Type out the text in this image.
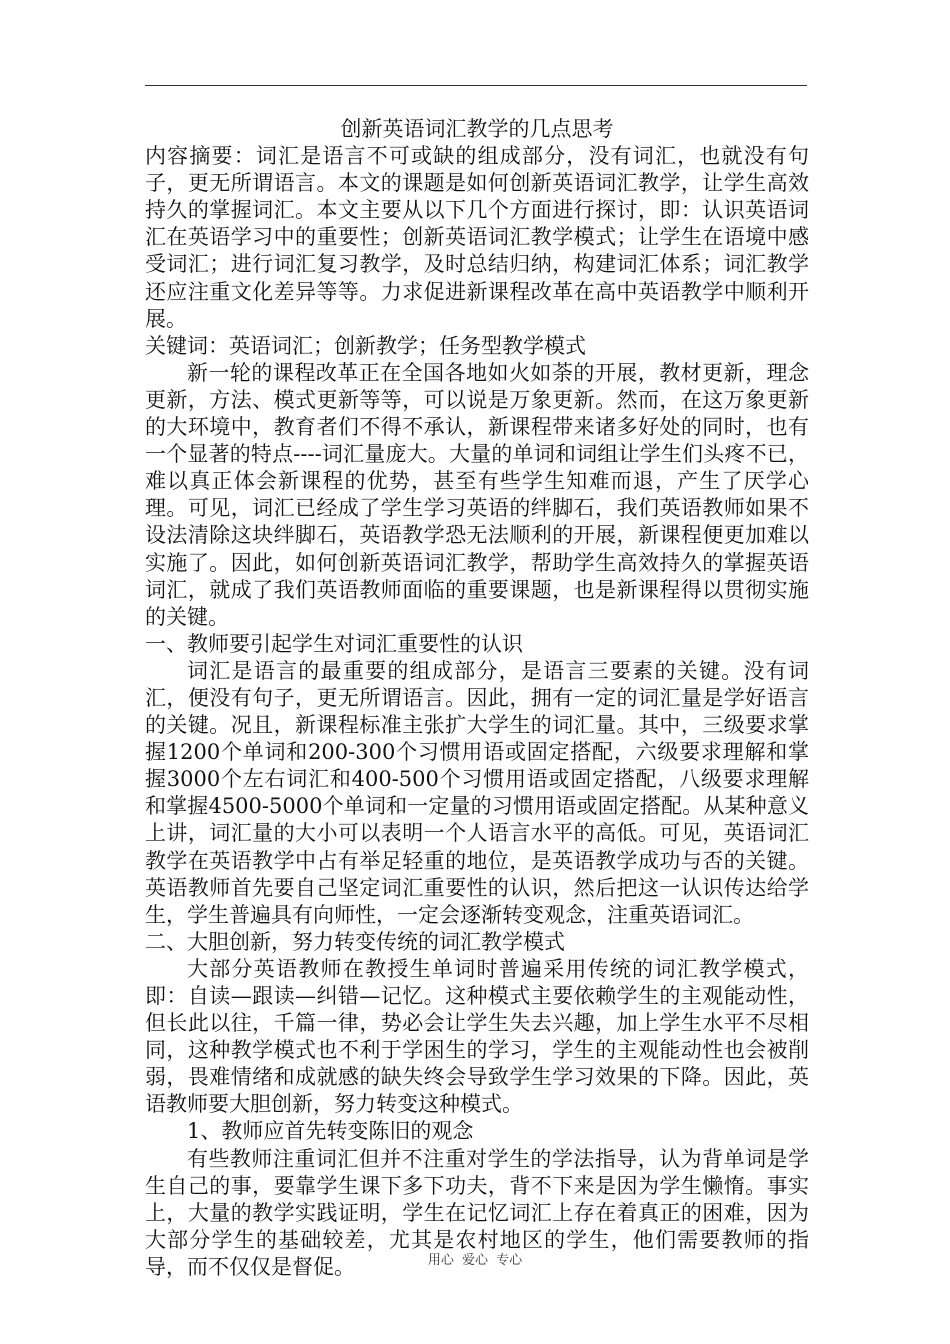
创新英语词汇教学的几点思考

内容摘要：词汇是语言不可或缺的组成部分，没有词汇，也就没有句子，更无所谓语言。本文的课题是如何创新英语词汇教学，让学生高效持久的掌握词汇。本文主要从以下几个方面进行探讨，即：认识英语词汇在英语学习中的重要性；创新英语词汇教学模式；让学生在语境中感受词汇；进行词汇复习教学，及时总结归纳，构建词汇体系；词汇教学还应注重文化差异等等。力求促进新课程改革在高中英语教学中顺利开展。

关键词：英语词汇；创新教学；任务型教学模式

新一轮的课程改革正在全国各地如火如荼的开展，教材更新，理念更新，方法、模式更新等等，可以说是万象更新。然而，在这万象更新的大环境中，教育者们不得不承认，新课程带来诸多好处的同时，也有一个显著的特点----词汇量庞大。大量的单词和词组让学生们头疼不已，难以真正体会新课程的优势，甚至有些学生知难而退，产生了厌学心理。可见，词汇已经成了学生学习英语的绊脚石，我们英语教师如果不设法清除这块绊脚石，英语教学恐无法顺利的开展，新课程便更加难以实施了。因此，如何创新英语词汇教学，帮助学生高效持久的掌握英语词汇，就成了我们英语教师面临的重要课题，也是新课程得以贯彻实施的关键。

一、教师要引起学生对词汇重要性的认识

词汇是语言的最重要的组成部分，是语言三要素的关键。没有词汇，便没有句子，更无所谓语言。因此，拥有一定的词汇量是学好语言的关键。况且，新课程标准主张扩大学生的词汇量。其中，三级要求掌握1200个单词和200-300个习惯用语或固定搭配，六级要求理解和掌握3000个左右词汇和400-500个习惯用语或固定搭配，八级要求理解和掌握4500-5000个单词和一定量的习惯用语或固定搭配。从某种意义上讲，词汇量的大小可以表明一个人语言水平的高低。可见，英语词汇教学在英语教学中占有举足轻重的地位，是英语教学成功与否的关键。英语教师首先要自己坚定词汇重要性的认识，然后把这一认识传达给学生，学生普遍具有向师性，一定会逐渐转变观念，注重英语词汇。

二、大胆创新，努力转变传统的词汇教学模式

大部分英语教师在教授生单词时普遍采用传统的词汇教学模式，即：自读—跟读—纠错—记忆。这种模式主要依赖学生的主观能动性，但长此以往，千篇一律，势必会让学生失去兴趣，加上学生水平不尽相同，这种教学模式也不利于学困生的学习，学生的主观能动性也会被削弱，畏难情绪和成就感的缺失终会导致学生学习效果的下降。因此，英语教师要大胆创新，努力转变这种模式。

1、教师应首先转变陈旧的观念

有些教师注重词汇但并不注重对学生的学法指导，认为背单词是学生自己的事，要靠学生课下多下功夫，背不下来是因为学生懒惰。事实上，大量的教学实践证明，学生在记忆词汇上存在着真正的困难，因为大部分学生的基础较差，尤其是农村地区的学生，他们需要教师的指导，而不仅仅是督促。	用心 爱心 专心
